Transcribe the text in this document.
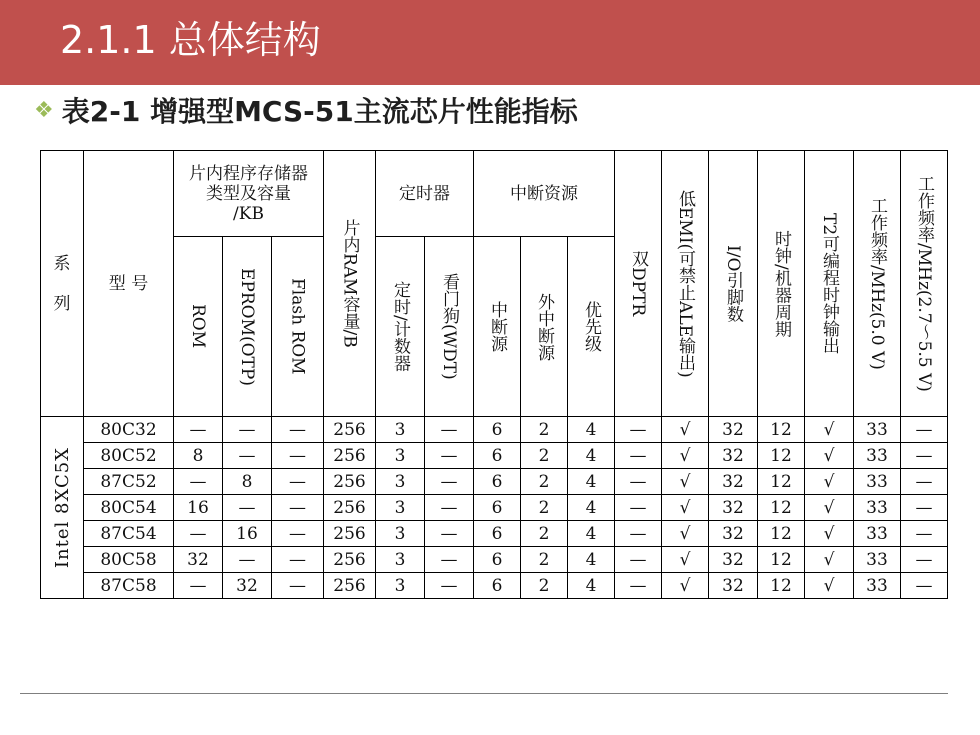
2.1.1 总体结构
❖ 表2-1 增强型MCS-51主流芯片性能指标
系

列	型 号	片内程序存储器
类型及容量
/KB			片内RAM容量/B	定时器		中断资源			双DPTR	低EMI(可禁止ALE输出)	I/O引脚数	时钟/机器周期	T2可编程时钟输出	工作频率/MHz(5.0 V)	工作频率/MHz(2.7～5.5 V)

		ROM	EPROM(OTP)	Flash ROM		定时/计数器	看门狗(WDT)	中断源	外中断源	优先级							

Intel 8XC5X	80C32	—	—	—	256	3	—	6	2	4	—	√	32	12	√	33	—
	80C52	8	—	—	256	3	—	6	2	4	—	√	32	12	√	33	—
	87C52	—	8	—	256	3	—	6	2	4	—	√	32	12	√	33	—
	80C54	16	—	—	256	3	—	6	2	4	—	√	32	12	√	33	—
	87C54	—	16	—	256	3	—	6	2	4	—	√	32	12	√	33	—
	80C58	32	—	—	256	3	—	6	2	4	—	√	32	12	√	33	—
	87C58	—	32	—	256	3	—	6	2	4	—	√	32	12	√	33	—
